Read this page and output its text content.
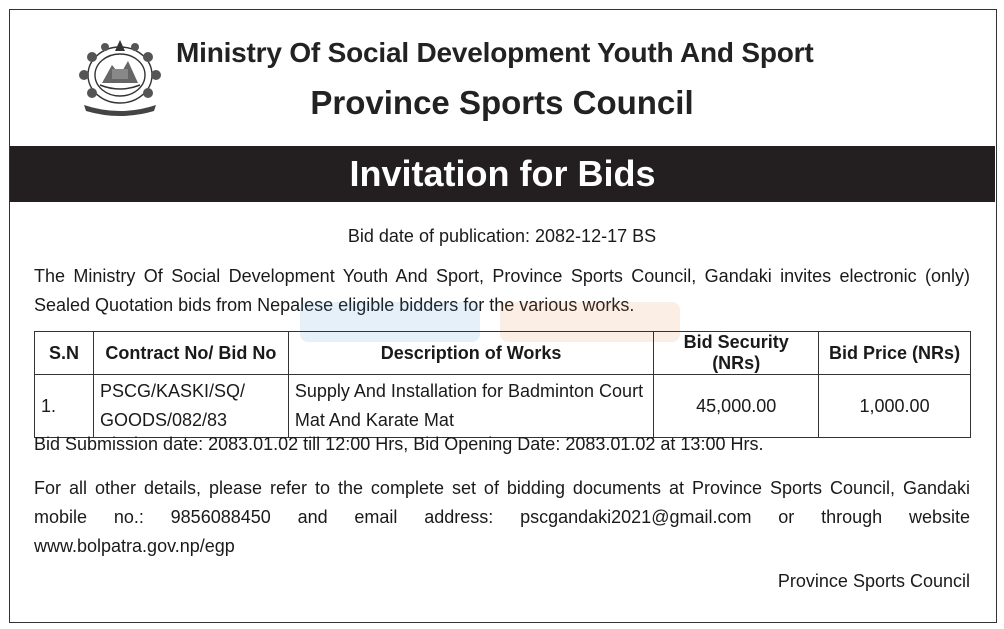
Ministry Of Social Development Youth And Sport
Province Sports Council
Invitation for Bids
Bid date of publication: 2082-12-17 BS
The Ministry Of Social Development Youth And Sport, Province Sports Council, Gandaki invites electronic (only) Sealed Quotation bids from Nepalese eligible bidders for the various works.
S.N	Contract No/ Bid No	Description of Works	Bid Security (NRs)	Bid Price (NRs)
1.	PSCG/KASKI/SQ/ GOODS/082/83	Supply And Installation for Badminton Court Mat And Karate Mat	45,000.00	1,000.00
Bid Submission date: 2083.01.02 till 12:00 Hrs, Bid Opening Date: 2083.01.02 at 13:00 Hrs.
For all other details, please refer to the complete set of bidding documents at Province Sports Council, Gandaki mobile no.: 9856088450 and email address: pscgandaki2021@gmail.com or through website www.bolpatra.gov.np/egp
Province Sports Council
